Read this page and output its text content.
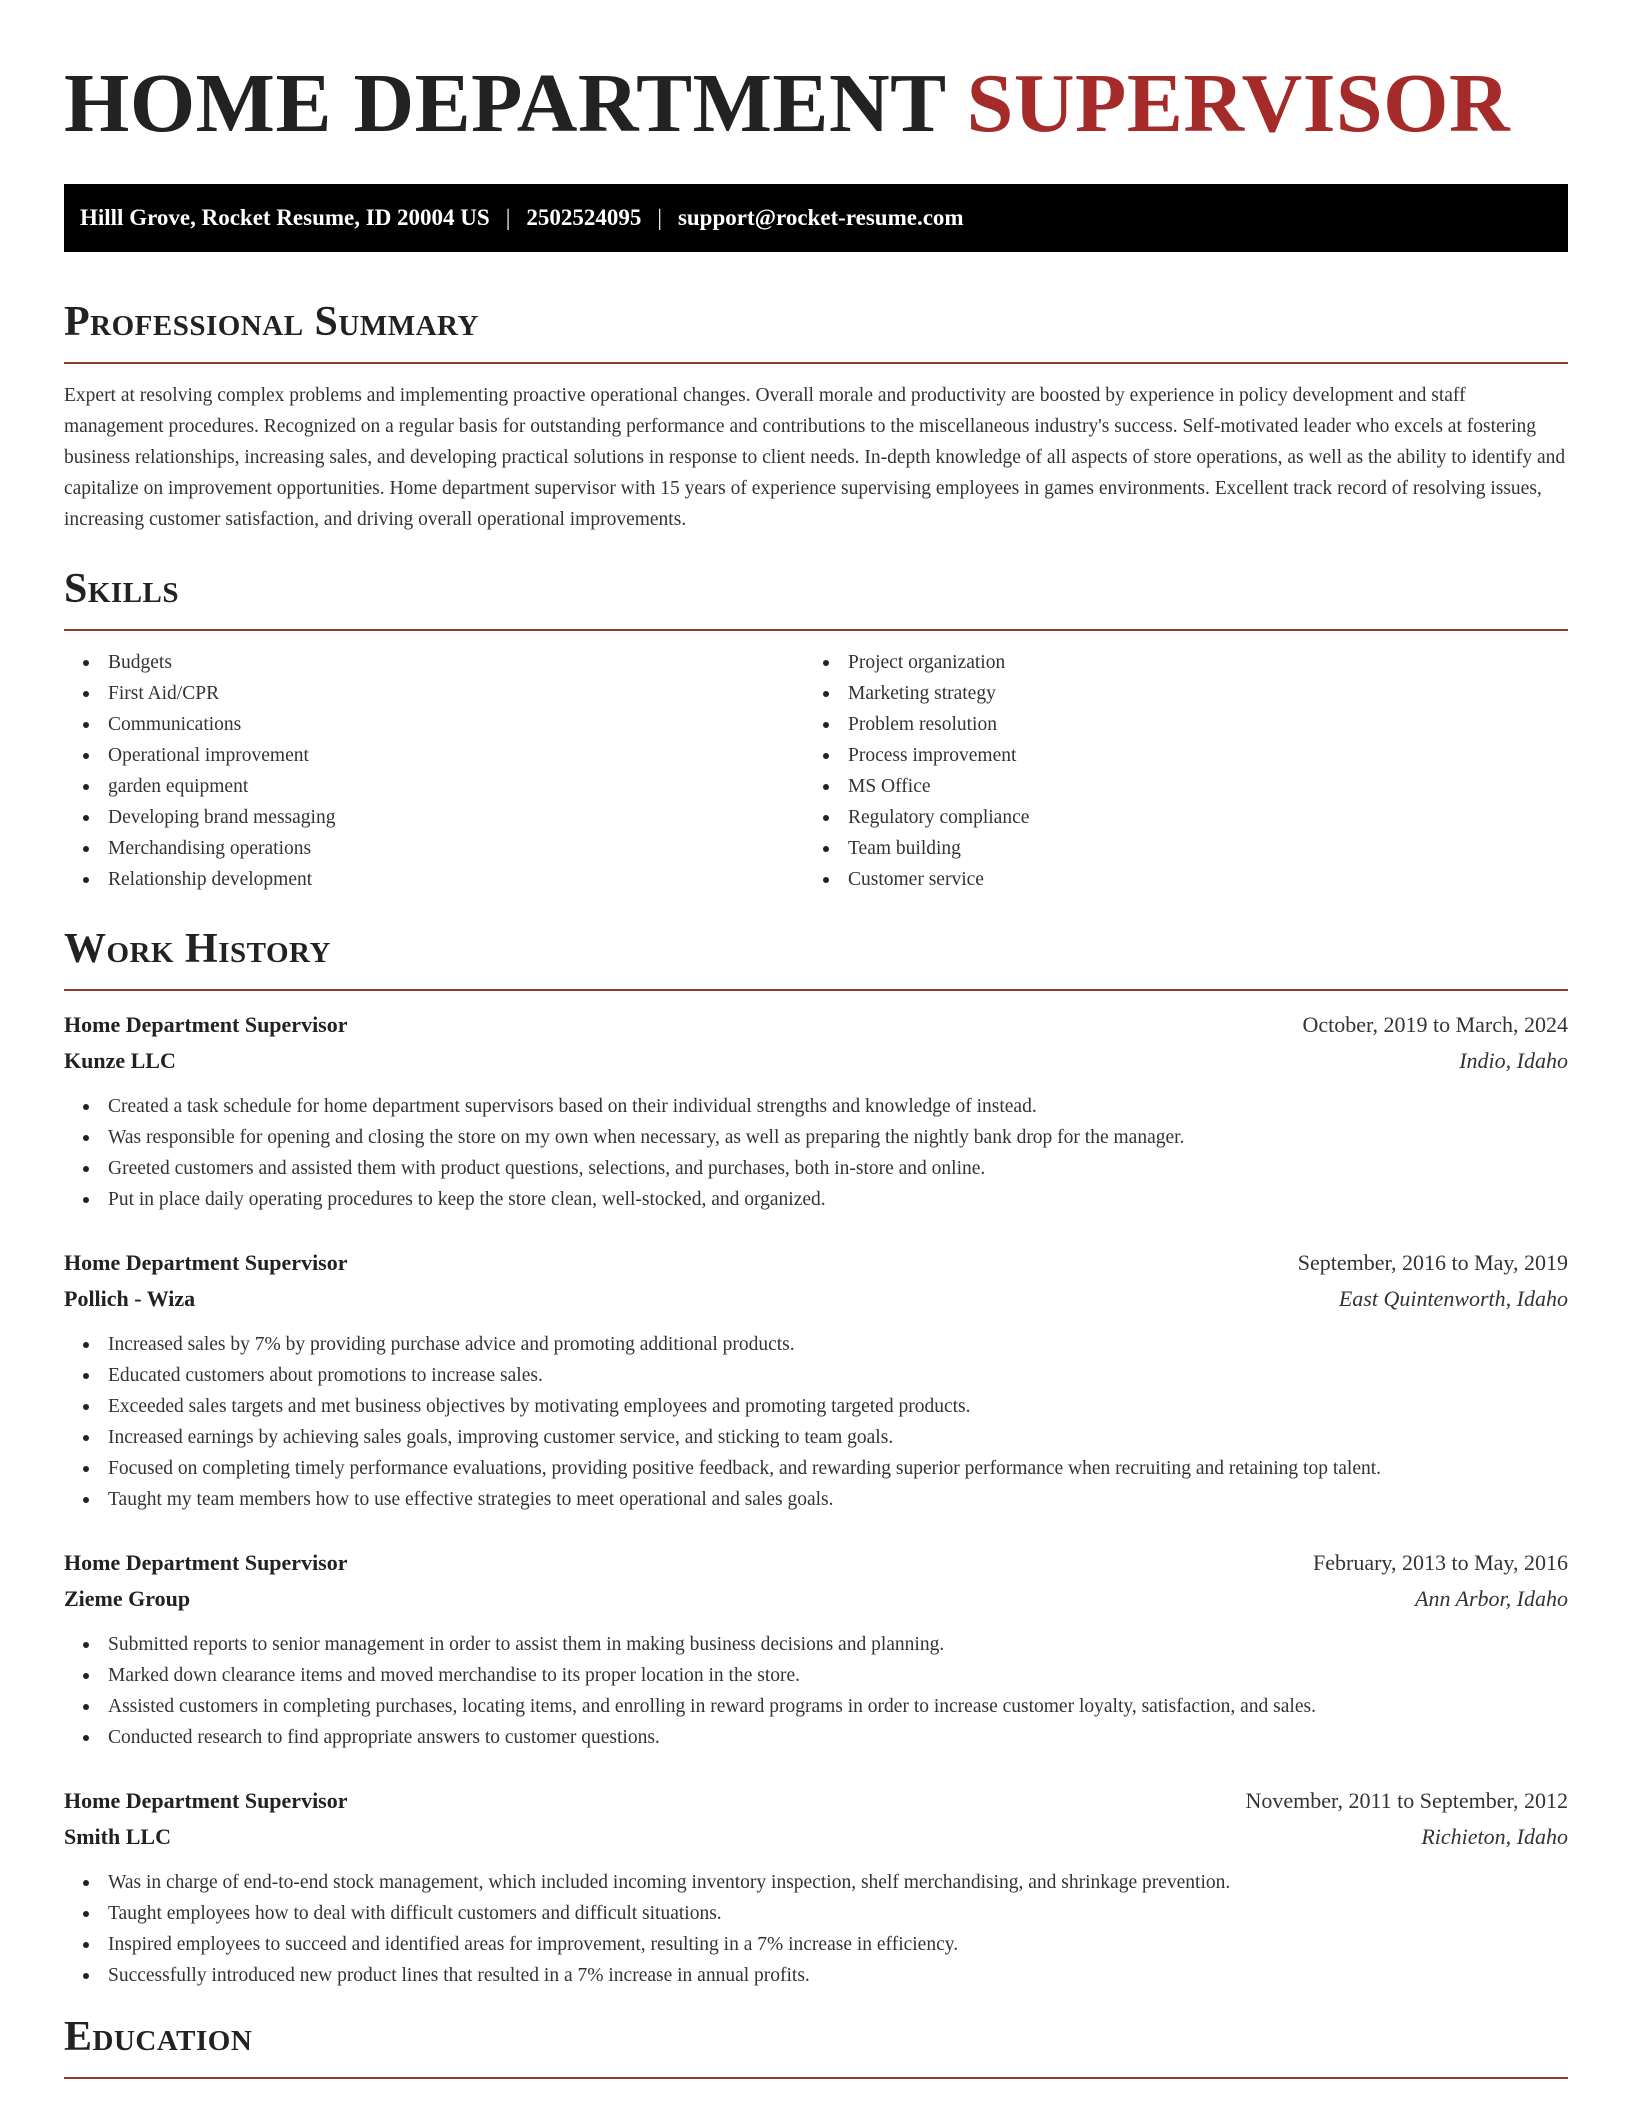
HOME DEPARTMENT SUPERVISOR
Hilll Grove, Rocket Resume, ID 20004 US | 2502524095 | support@rocket-resume.com
Professional Summary

Expert at resolving complex problems and implementing proactive operational changes. Overall morale and productivity are boosted by experience in policy development and staff management procedures. Recognized on a regular basis for outstanding performance and contributions to the miscellaneous industry's success. Self-motivated leader who excels at fostering business relationships, increasing sales, and developing practical solutions in response to client needs. In-depth knowledge of all aspects of store operations, as well as the ability to identify and capitalize on improvement opportunities. Home department supervisor with 15 years of experience supervising employees in games environments. Excellent track record of resolving issues, increasing customer satisfaction, and driving overall operational improvements.

Skills
Budgets
First Aid/CPR
Communications
Operational improvement
garden equipment
Developing brand messaging
Merchandising operations
Relationship development
Project organization
Marketing strategy
Problem resolution
Process improvement
MS Office
Regulatory compliance
Team building
Customer service
Work History
Home Department Supervisor	October, 2019 to March, 2024
Kunze LLC	Indio, Idaho
Created a task schedule for home department supervisors based on their individual strengths and knowledge of instead.
Was responsible for opening and closing the store on my own when necessary, as well as preparing the nightly bank drop for the manager.
Greeted customers and assisted them with product questions, selections, and purchases, both in-store and online.
Put in place daily operating procedures to keep the store clean, well-stocked, and organized.
Home Department Supervisor	September, 2016 to May, 2019
Pollich - Wiza	East Quintenworth, Idaho
Increased sales by 7% by providing purchase advice and promoting additional products.
Educated customers about promotions to increase sales.
Exceeded sales targets and met business objectives by motivating employees and promoting targeted products.
Increased earnings by achieving sales goals, improving customer service, and sticking to team goals.
Focused on completing timely performance evaluations, providing positive feedback, and rewarding superior performance when recruiting and retaining top talent.
Taught my team members how to use effective strategies to meet operational and sales goals.
Home Department Supervisor	February, 2013 to May, 2016
Zieme Group	Ann Arbor, Idaho
Submitted reports to senior management in order to assist them in making business decisions and planning.
Marked down clearance items and moved merchandise to its proper location in the store.
Assisted customers in completing purchases, locating items, and enrolling in reward programs in order to increase customer loyalty, satisfaction, and sales.
Conducted research to find appropriate answers to customer questions.
Home Department Supervisor	November, 2011 to September, 2012
Smith LLC	Richieton, Idaho
Was in charge of end-to-end stock management, which included incoming inventory inspection, shelf merchandising, and shrinkage prevention.
Taught employees how to deal with difficult customers and difficult situations.
Inspired employees to succeed and identified areas for improvement, resulting in a 7% increase in efficiency.
Successfully introduced new product lines that resulted in a 7% increase in annual profits.
Education
